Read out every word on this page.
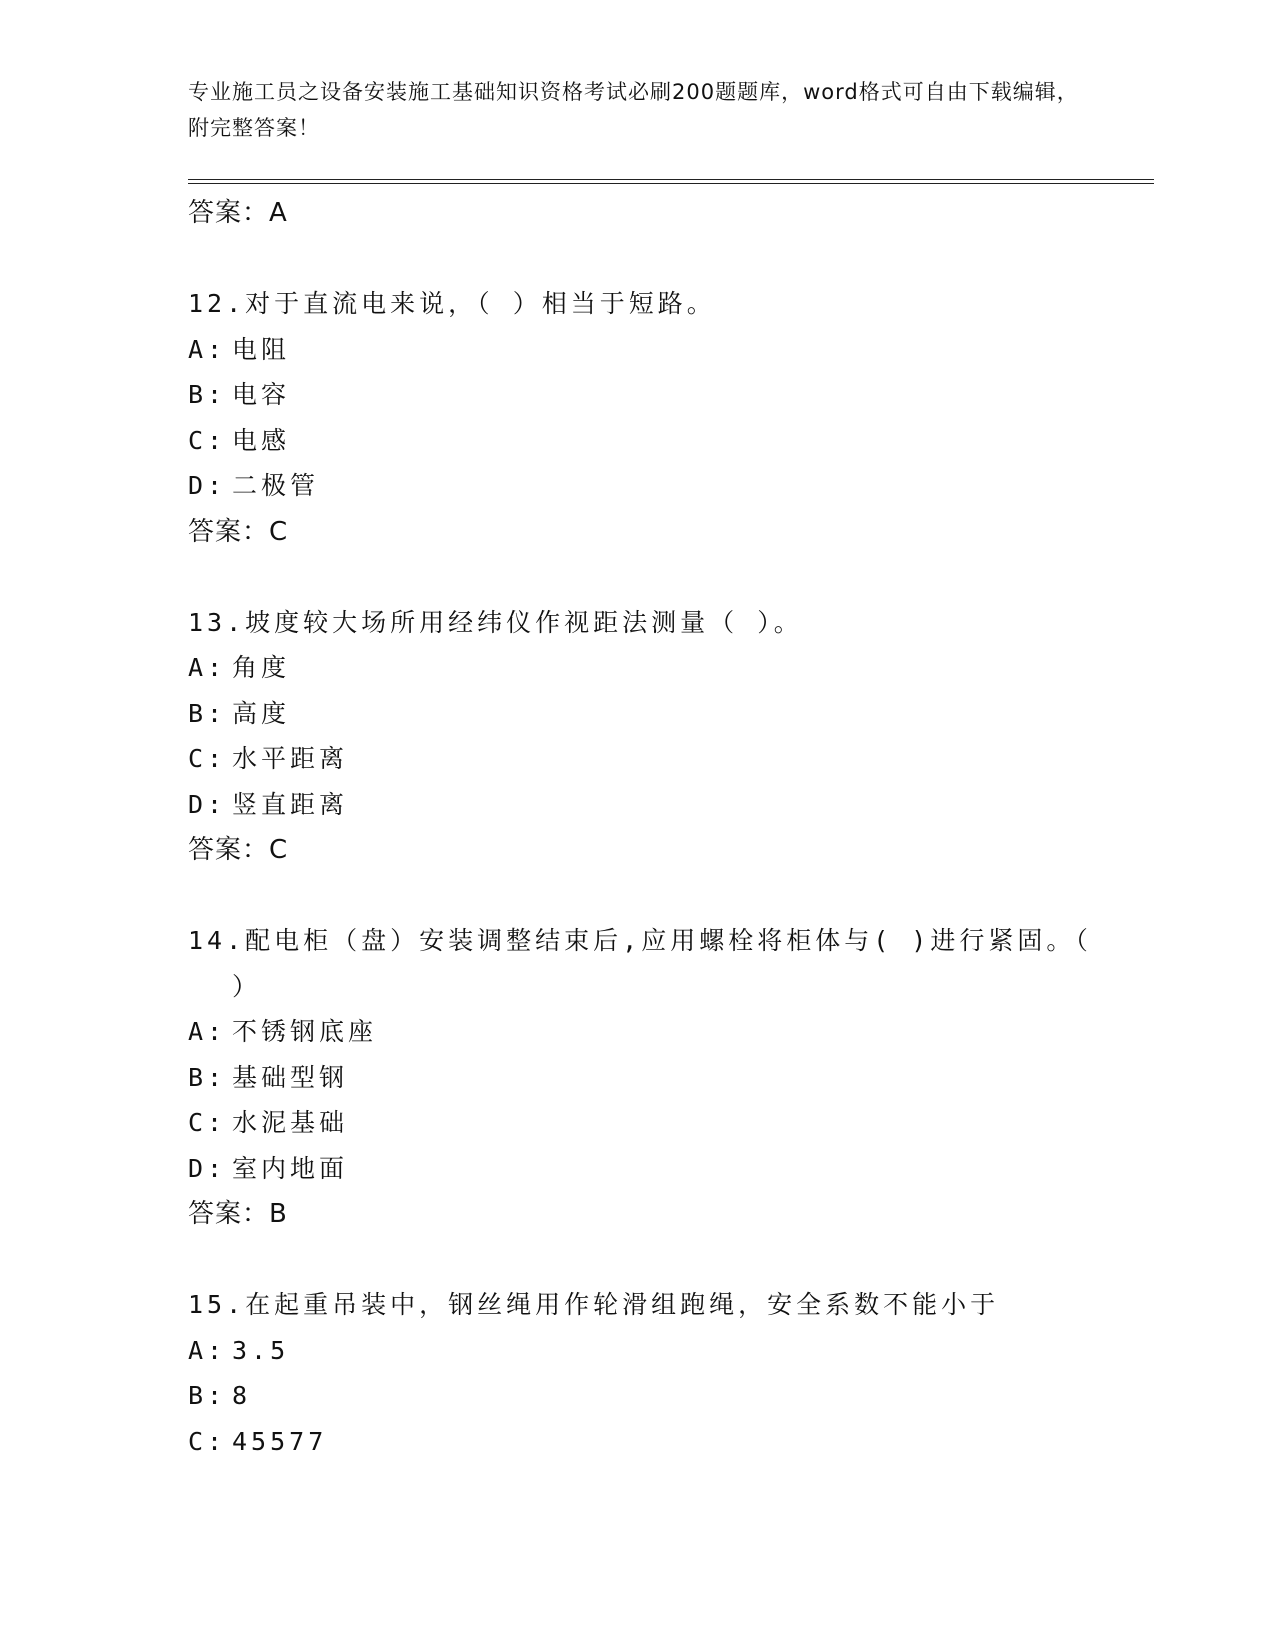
专业施工员之设备安装施工基础知识资格考试必刷200题题库，word格式可自由下载编辑，附完整答案！
答案：A
12.对于直流电来说，（ ）相当于短路。
A: 电阻
B: 电容
C: 电感
D: 二极管
答案：C
13.坡度较大场所用经纬仪作视距法测量（ ）。
A: 角度
B: 高度
C: 水平距离
D: 竖直距离
答案：C
14.配电柜（盘）安装调整结束后,应用螺栓将柜体与( )进行紧固。（ ）
A: 不锈钢底座
B: 基础型钢
C: 水泥基础
D: 室内地面
答案：B
15.在起重吊装中，钢丝绳用作轮滑组跑绳，安全系数不能小于
A: 3.5
B: 8
C: 45577
